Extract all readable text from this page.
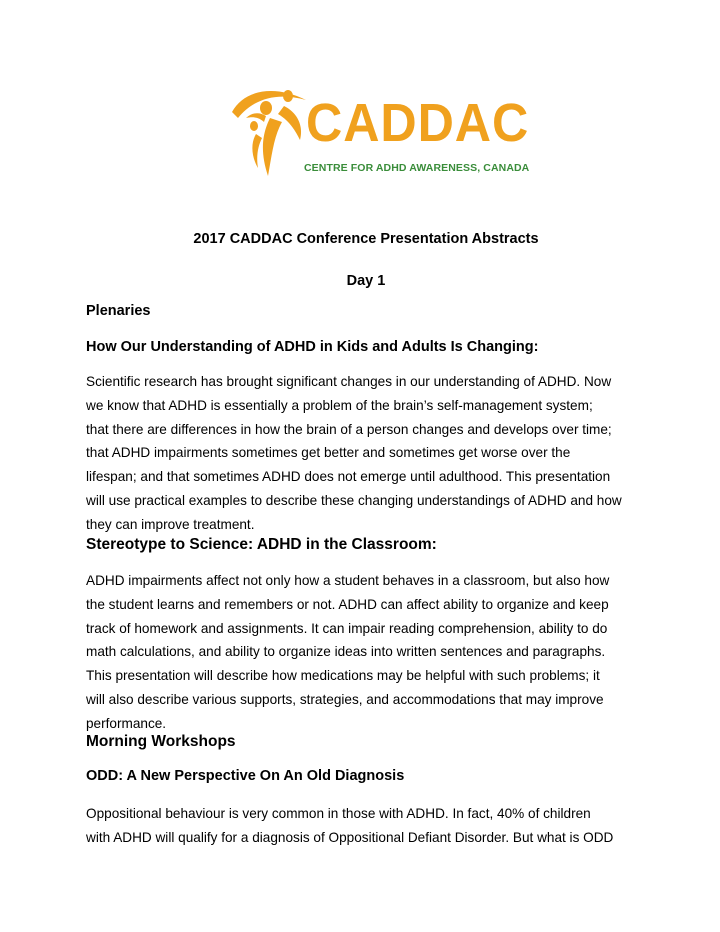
CADDAC
CENTRE FOR ADHD AWARENESS, CANADA
2017 CADDAC Conference Presentation Abstracts
Day 1
Plenaries
How Our Understanding of ADHD in Kids and Adults Is Changing:
Scientific research has brought significant changes in our understanding of ADHD. Now
we know that ADHD is essentially a problem of the brain’s self-management system;
that there are differences in how the brain of a person changes and develops over time;
that ADHD impairments sometimes get better and sometimes get worse over the
lifespan; and that sometimes ADHD does not emerge until adulthood. This presentation
will use practical examples to describe these changing understandings of ADHD and how
they can improve treatment.
Stereotype to Science: ADHD in the Classroom:
ADHD impairments affect not only how a student behaves in a classroom, but also how
the student learns and remembers or not. ADHD can affect ability to organize and keep
track of homework and assignments. It can impair reading comprehension, ability to do
math calculations, and ability to organize ideas into written sentences and paragraphs.
This presentation will describe how medications may be helpful with such problems; it
will also describe various supports, strategies, and accommodations that may improve
performance.
Morning Workshops
ODD: A New Perspective On An Old Diagnosis
Oppositional behaviour is very common in those with ADHD. In fact, 40% of children
with ADHD will qualify for a diagnosis of Oppositional Defiant Disorder. But what is ODD
